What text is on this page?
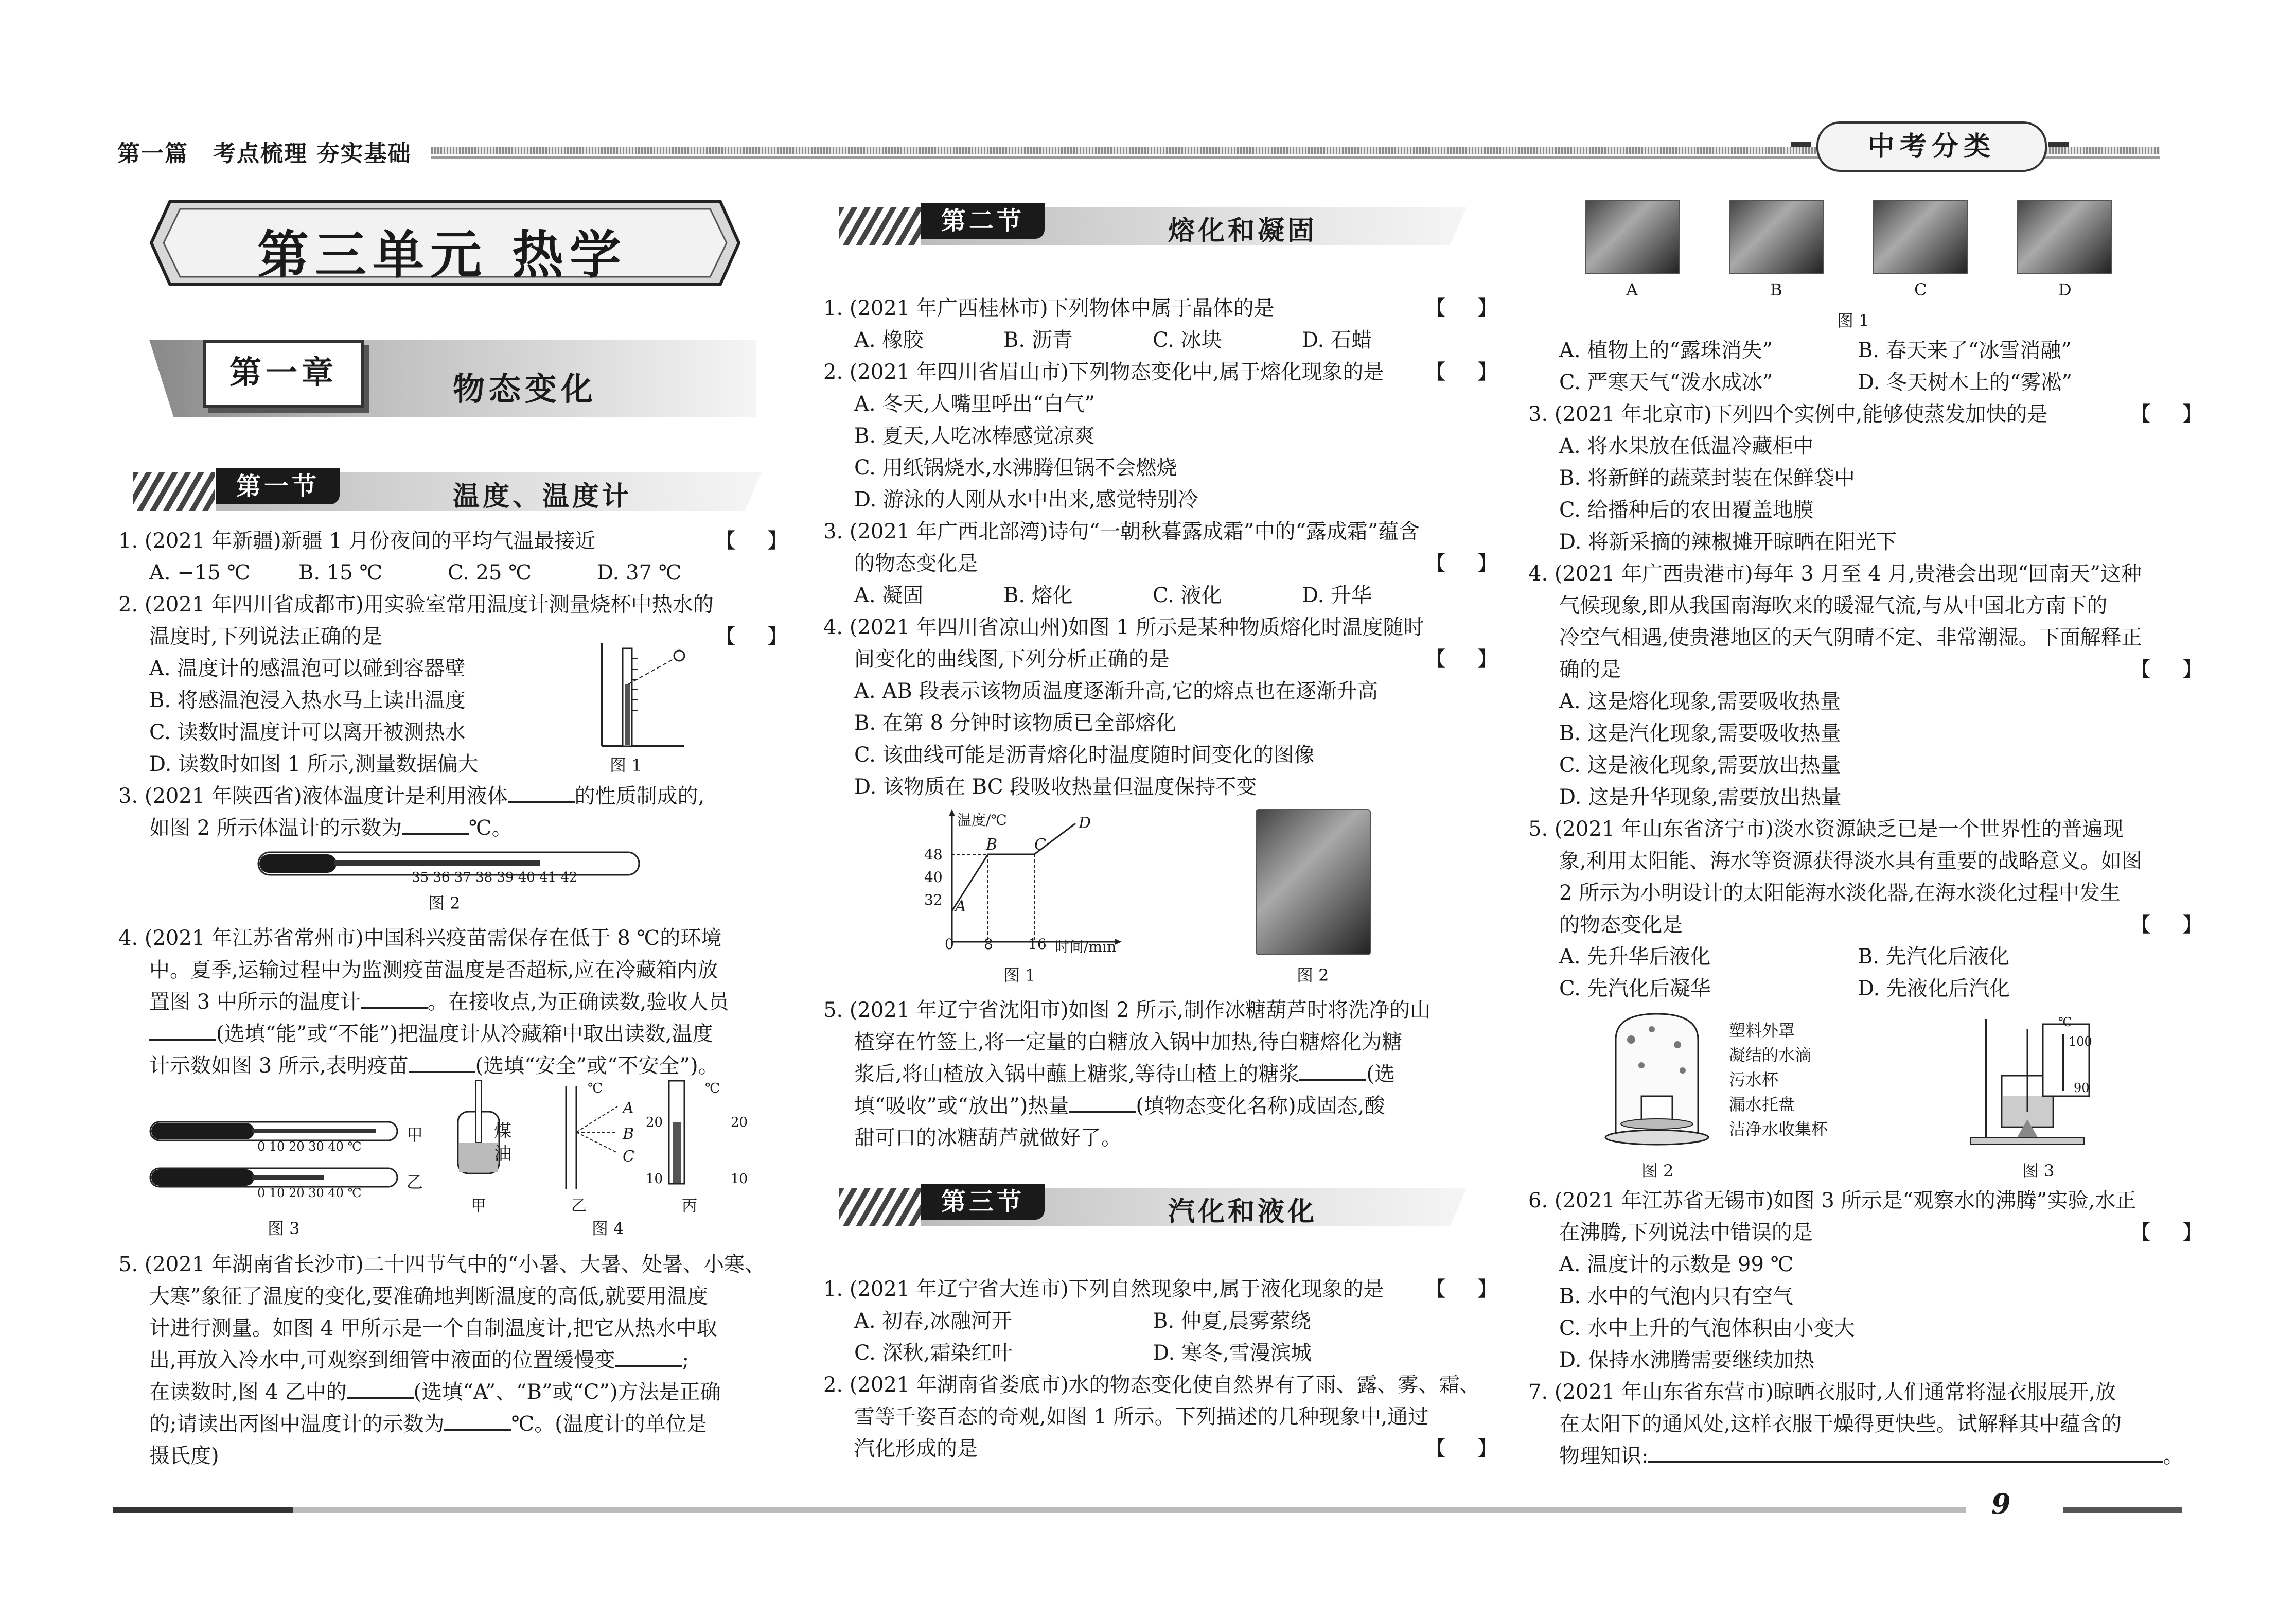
第一篇 考点梳理 夯实基础	中考分类
第三单元 热学
第一章	物态变化
第一节	温度、温度计
1. (2021 年新疆)新疆 1 月份夜间的平均气温最接近	【 】
A. −15 ℃ B. 15 ℃	C. 25 ℃	D. 37 ℃
2. (2021 年四川省成都市)用实验室常用温度计测量烧杯中热水的
温度时,下列说法正确的是	【 】
A. 温度计的感温泡可以碰到容器壁
B. 将感温泡浸入热水马上读出温度
C. 读数时温度计可以离开被测热水
D. 读数时如图 1 所示,测量数据偏大	图 1
3. (2021 年陕西省)液体温度计是利用液体	的性质制成的,
如图 2 所示体温计的示数为	℃。
35 36 37 38 39 40 41 42
图 2
4. (2021 年江苏省常州市)中国科兴疫苗需保存在低于 8 ℃的环境
中。夏季,运输过程中为监测疫苗温度是否超标,应在冷藏箱内放
置图 3 中所示的温度计	。在接收点,为正确读数,验收人员
(选填“能”或“不能”)把温度计从冷藏箱中取出读数,温度
计示数如图 3 所示,表明疫苗	(选填“安全”或“不安全”)。
0 10 20 30 40 ℃
0 10 20 30 40 ℃
甲
乙
图 3
煤
油
A
B
C
℃	℃
20
10
20
10
甲	乙	丙
图 4
5. (2021 年湖南省长沙市)二十四节气中的“小暑、大暑、处暑、小寒、
大寒”象征了温度的变化,要准确地判断温度的高低,就要用温度
计进行测量。如图 4 甲所示是一个自制温度计,把它从热水中取
出,再放入冷水中,可观察到细管中液面的位置缓慢变	;
在读数时,图 4 乙中的	(选填“A”、“B”或“C”)方法是正确
的;请读出丙图中温度计的示数为	℃。(温度计的单位是
摄氏度)
第二节	熔化和凝固
1. (2021 年广西桂林市)下列物体中属于晶体的是	【 】
A. 橡胶	B. 沥青	C. 冰块	D. 石蜡
2. (2021 年四川省眉山市)下列物态变化中,属于熔化现象的是 【 】
A. 冬天,人嘴里呼出“白气”
B. 夏天,人吃冰棒感觉凉爽
C. 用纸锅烧水,水沸腾但锅不会燃烧
D. 游泳的人刚从水中出来,感觉特别冷
3. (2021 年广西北部湾)诗句“一朝秋暮露成霜”中的“露成霜”蕴含
的物态变化是	【 】
A. 凝固	B. 熔化	C. 液化	D. 升华
4. (2021 年四川省凉山州)如图 1 所示是某种物质熔化时温度随时
间变化的曲线图,下列分析正确的是	【 】
A. AB 段表示该物质温度逐渐升高,它的熔点也在逐渐升高
B. 在第 8 分钟时该物质已全部熔化
C. 该曲线可能是沥青熔化时温度随时间变化的图像
D. 该物质在 BC 段吸收热量但温度保持不变
温度/℃
48
40
32
0 8 16 时间/min
A
B C
D
图 1	图 2
5. (2021 年辽宁省沈阳市)如图 2 所示,制作冰糖葫芦时将洗净的山
楂穿在竹签上,将一定量的白糖放入锅中加热,待白糖熔化为糖
浆后,将山楂放入锅中蘸上糖浆,等待山楂上的糖浆	(选
填“吸收”或“放出”)热量	(填物态变化名称)成固态,酸
甜可口的冰糖葫芦就做好了。
第三节	汽化和液化
1. (2021 年辽宁省大连市)下列自然现象中,属于液化现象的是 【 】
A. 初春,冰融河开	B. 仲夏,晨雾萦绕
C. 深秋,霜染红叶	D. 寒冬,雪漫滨城
2. (2021 年湖南省娄底市)水的物态变化使自然界有了雨、露、雾、霜、
雪等千姿百态的奇观,如图 1 所示。下列描述的几种现象中,通过
汽化形成的是	【 】
A	B	C	D
图 1
A. 植物上的“露珠消失”	B. 春天来了“冰雪消融”
C. 严寒天气“泼水成冰”	D. 冬天树木上的“雾凇”
3. (2021 年北京市)下列四个实例中,能够使蒸发加快的是	【 】
A. 将水果放在低温冷藏柜中
B. 将新鲜的蔬菜封装在保鲜袋中
C. 给播种后的农田覆盖地膜
D. 将新采摘的辣椒摊开晾晒在阳光下
4. (2021 年广西贵港市)每年 3 月至 4 月,贵港会出现“回南天”这种
气候现象,即从我国南海吹来的暖湿气流,与从中国北方南下的
冷空气相遇,使贵港地区的天气阴晴不定、非常潮湿。下面解释正
确的是	【 】
A. 这是熔化现象,需要吸收热量
B. 这是汽化现象,需要吸收热量
C. 这是液化现象,需要放出热量
D. 这是升华现象,需要放出热量
5. (2021 年山东省济宁市)淡水资源缺乏已是一个世界性的普遍现
象,利用太阳能、海水等资源获得淡水具有重要的战略意义。如图
2 所示为小明设计的太阳能海水淡化器,在海水淡化过程中发生
的物态变化是	【 】
A. 先升华后液化	B. 先汽化后液化
C. 先汽化后凝华	D. 先液化后汽化
塑料外罩
凝结的水滴
污水杯
漏水托盘
洁净水收集杯
图 2
℃
100
90
图 3
6. (2021 年江苏省无锡市)如图 3 所示是“观察水的沸腾”实验,水正
在沸腾,下列说法中错误的是	【 】
A. 温度计的示数是 99 ℃
B. 水中的气泡内只有空气
C. 水中上升的气泡体积由小变大
D. 保持水沸腾需要继续加热
7. (2021 年山东省东营市)晾晒衣服时,人们通常将湿衣服展开,放
在太阳下的通风处,这样衣服干燥得更快些。试解释其中蕴含的
物理知识:	。
9
